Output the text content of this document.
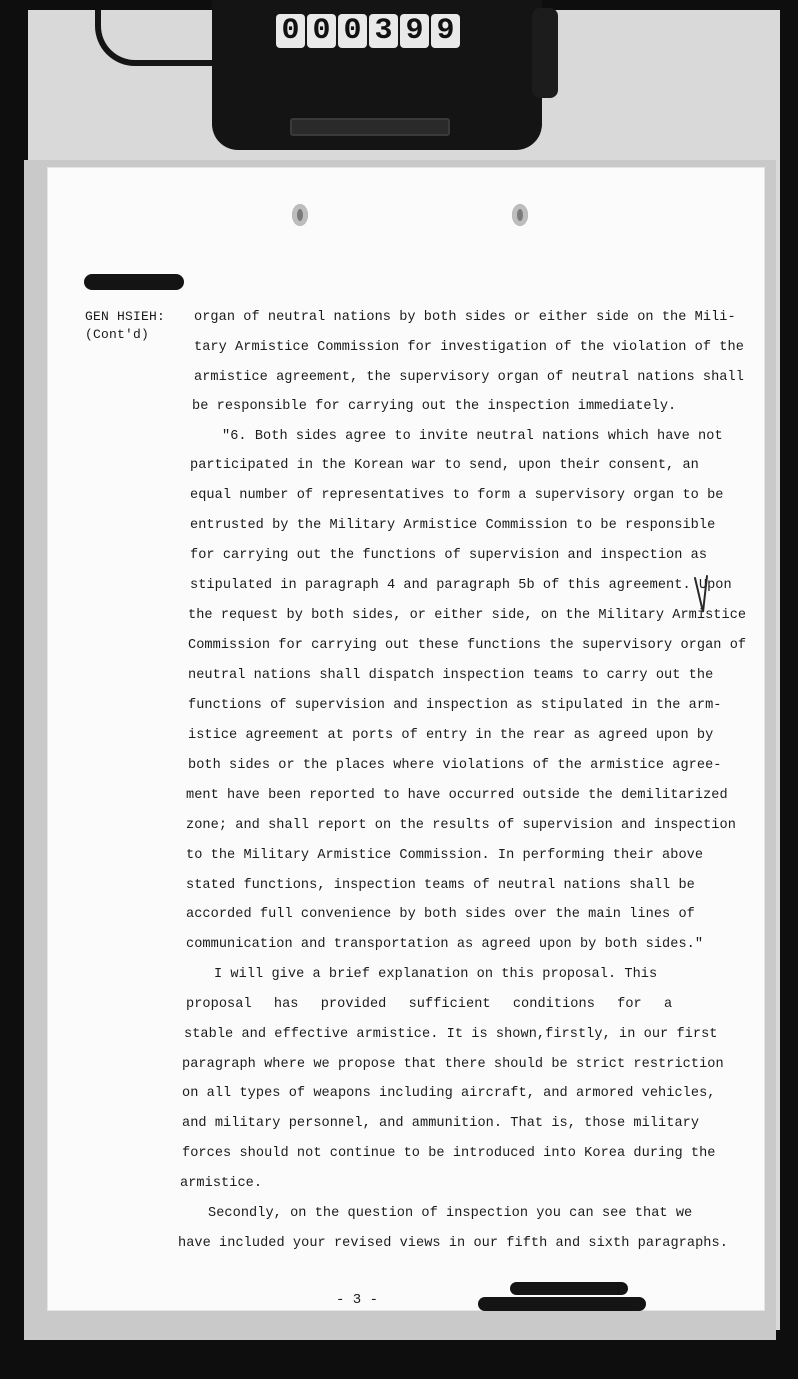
0 0 0 3 9 9
GEN HSIEH:
(Cont'd)
organ of neutral nations by both sides or either side on the Mili-
tary Armistice Commission for investigation of the violation of the
armistice agreement, the supervisory organ of neutral nations shall
be responsible for carrying out the inspection immediately.
"6. Both sides agree to invite neutral nations which have not
participated in the Korean war to send, upon their consent, an
equal number of representatives to form a supervisory organ to be
entrusted by the Military Armistice Commission to be responsible
for carrying out the functions of supervision and inspection as
stipulated in paragraph 4 and paragraph 5b of this agreement. Upon
the request by both sides, or either side, on the Military Armistice
Commission for carrying out these functions the supervisory organ of
neutral nations shall dispatch inspection teams to carry out the
functions of supervision and inspection as stipulated in the arm-
istice agreement at ports of entry in the rear as agreed upon by
both sides or the places where violations of the armistice agree-
ment have been reported to have occurred outside the demilitarized
zone; and shall report on the results of supervision and inspection
to the Military Armistice Commission. In performing their above
stated functions, inspection teams of neutral nations shall be
accorded full convenience by both sides over the main lines of
communication and transportation as agreed upon by both sides."
I will give a brief explanation on this proposal. This
proposal has provided sufficient conditions for a
stable and effective armistice. It is shown,firstly, in our first
paragraph where we propose that there should be strict restriction
on all types of weapons including aircraft, and armored vehicles,
and military personnel, and ammunition. That is, those military
forces should not continue to be introduced into Korea during the
armistice.
Secondly, on the question of inspection you can see that we
have included your revised views in our fifth and sixth paragraphs.
- 3 -
